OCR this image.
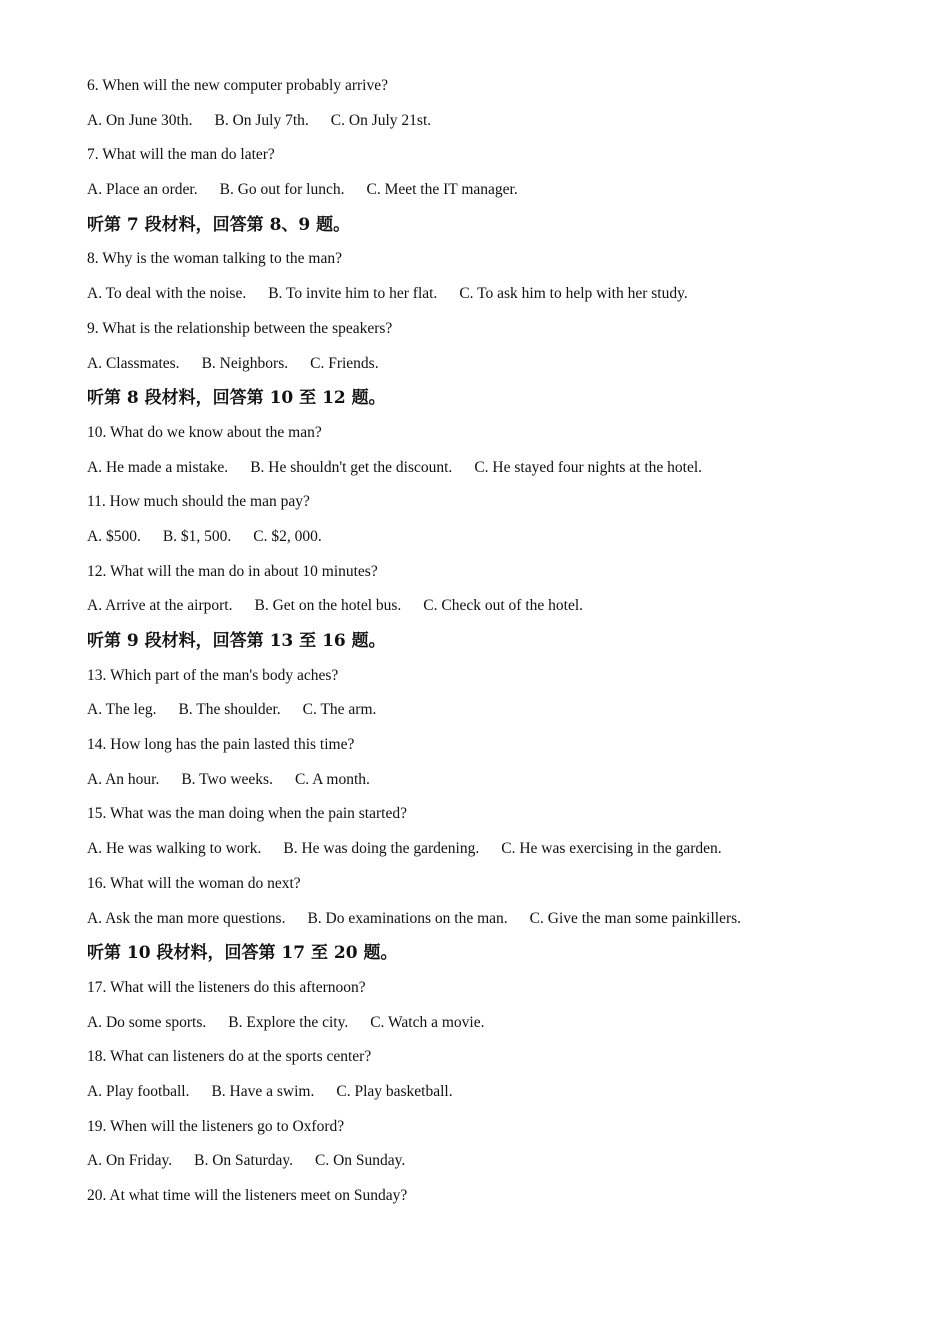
6. When will the new computer probably arrive?
A. On June 30th. B. On July 7th. C. On July 21st.
7. What will the man do later?
A. Place an order. B. Go out for lunch. C. Meet the IT manager.
听第 7 段材料，回答第 8、9 题。
8. Why is the woman talking to the man?
A. To deal with the noise. B. To invite him to her flat. C. To ask him to help with her study.
9. What is the relationship between the speakers?
A. Classmates. B. Neighbors. C. Friends.
听第 8 段材料，回答第 10 至 12 题。
10. What do we know about the man?
A. He made a mistake. B. He shouldn't get the discount. C. He stayed four nights at the hotel.
11. How much should the man pay?
A. $500. B. $1, 500. C. $2, 000.
12. What will the man do in about 10 minutes?
A. Arrive at the airport. B. Get on the hotel bus. C. Check out of the hotel.
听第 9 段材料，回答第 13 至 16 题。
13. Which part of the man's body aches?
A. The leg. B. The shoulder. C. The arm.
14. How long has the pain lasted this time?
A. An hour. B. Two weeks. C. A month.
15. What was the man doing when the pain started?
A. He was walking to work. B. He was doing the gardening. C. He was exercising in the garden.
16. What will the woman do next?
A. Ask the man more questions. B. Do examinations on the man. C. Give the man some painkillers.
听第 10 段材料，回答第 17 至 20 题。
17. What will the listeners do this afternoon?
A. Do some sports. B. Explore the city. C. Watch a movie.
18. What can listeners do at the sports center?
A. Play football. B. Have a swim. C. Play basketball.
19. When will the listeners go to Oxford?
A. On Friday. B. On Saturday. C. On Sunday.
20. At what time will the listeners meet on Sunday?
